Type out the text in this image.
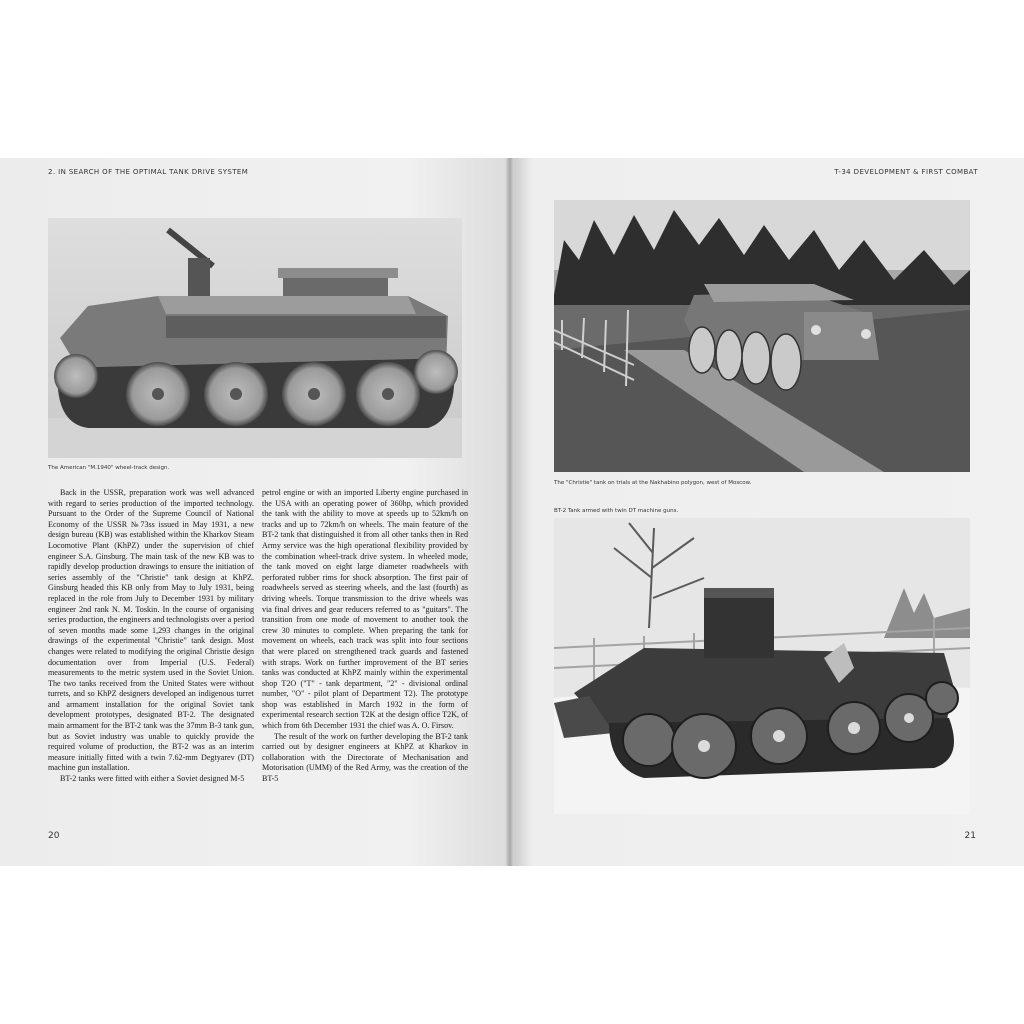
2. IN SEARCH OF THE OPTIMAL TANK DRIVE SYSTEM	T-34 DEVELOPMENT & FIRST COMBAT
The American "M.1940" wheel-track design.

Back in the USSR, preparation work was well advanced with regard to series production of the imported technology. Pursuant to the Order of the Supreme Council of National Economy of the USSR №73ss issued in May 1931, a new design bureau (KB) was established within the Kharkov Steam Locomotive Plant (KhPZ) under the supervision of chief engineer S.A. Ginsburg. The main task of the new KB was to rapidly develop production drawings to ensure the initiation of series assembly of the "Christie" tank design at KhPZ. Ginsburg headed this KB only from May to July 1931, being replaced in the role from July to December 1931 by military engineer 2nd rank N. M. Toskin. In the course of organising series production, the engineers and technologists over a period of seven months made some 1,293 changes in the original drawings of the experimental "Christie" tank design. Most changes were related to modifying the original Christie design documentation over from Imperial (U.S. Federal) measurements to the metric system used in the Soviet Union. The two tanks received from the United States were without turrets, and so KhPZ designers developed an indigenous turret and armament installation for the original Soviet tank development prototypes, designated BT-2. The designated main armament for the BT-2 tank was the 37mm B-3 tank gun, but as Soviet industry was unable to quickly provide the required volume of production, the BT-2 was as an interim measure initially fitted with a twin 7.62-mm Degtyarev (DT) machine gun installation.

BT-2 tanks were fitted with either a Soviet designed M-5

petrol engine or with an imported Liberty engine purchased in the USA with an operating power of 360hp, which provided the tank with the ability to move at speeds up to 52km/h on tracks and up to 72km/h on wheels. The main feature of the BT-2 tank that distinguished it from all other tanks then in Red Army service was the high operational flexibility provided by the combination wheel-track drive system. In wheeled mode, the tank moved on eight large diameter roadwheels with perforated rubber rims for shock absorption. The first pair of roadwheels served as steering wheels, and the last (fourth) as driving wheels. Torque transmission to the drive wheels was via final drives and gear reducers referred to as "guitars". The transition from one mode of movement to another took the crew 30 minutes to complete. When preparing the tank for movement on wheels, each track was split into four sections that were placed on strengthened track guards and fastened with straps. Work on further improvement of the BT series tanks was conducted at KhPZ mainly within the experimental shop T2O ("T" - tank department, "2" - divisional ordinal number, "O" - pilot plant of Department T2). The prototype shop was established in March 1932 in the form of experimental research section T2K at the design office T2K, of which from 6th December 1931 the chief was A. O. Firsov.

The result of the work on further developing the BT-2 tank carried out by designer engineers at KhPZ at Kharkov in collaboration with the Directorate of Mechanisation and Motorisation (UMM) of the Red Army, was the creation of the BT-5

The "Christie" tank on trials at the Nakhabino polygon, west of Moscow.
BT-2 Tank armed with twin DT machine guns.
20	21
